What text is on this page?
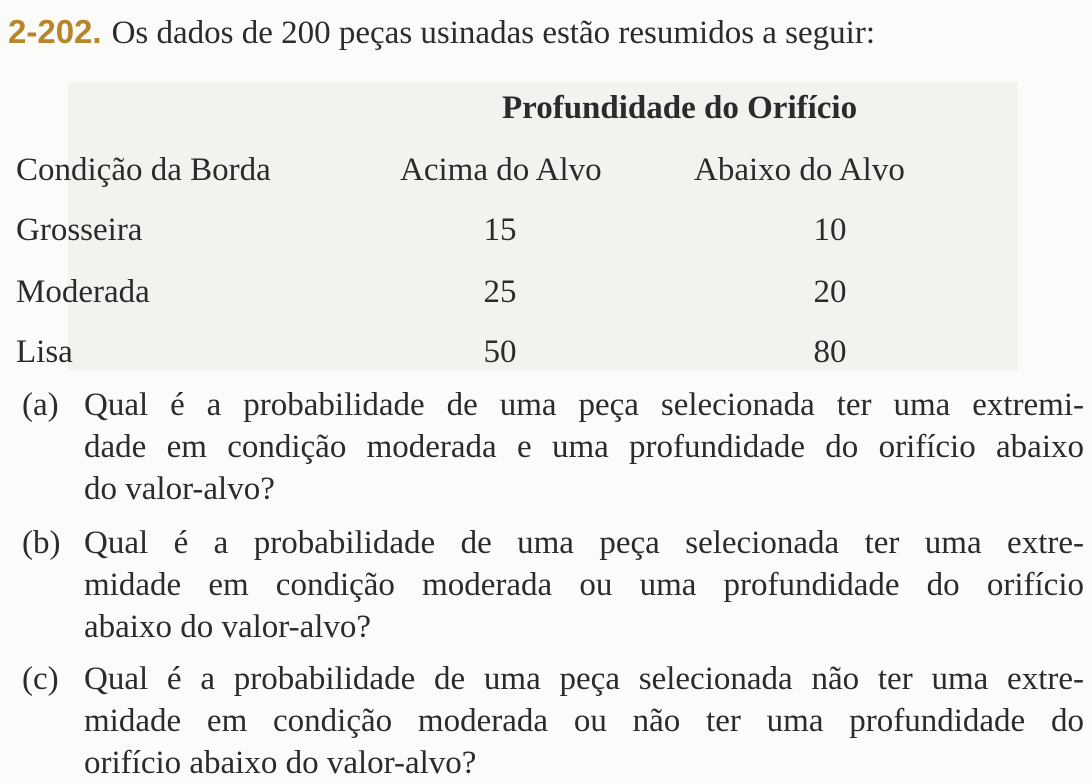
2-202. Os dados de 200 peças usinadas estão resumidos a seguir:
Profundidade do Orifício
Condição da Borda	Acima do Alvo	Abaixo do Alvo
Grosseira	15	10
Moderada	25	20
Lisa	50	80
(a) Qual é a probabilidade de uma peça selecionada ter uma extremi-
dade em condição moderada e uma profundidade do orifício abaixo
do valor-alvo?
(b) Qual é a probabilidade de uma peça selecionada ter uma extre-
midade em condição moderada ou uma profundidade do orifício
abaixo do valor-alvo?
(c) Qual é a probabilidade de uma peça selecionada não ter uma extre-
midade em condição moderada ou não ter uma profundidade do
orifício abaixo do valor-alvo?
